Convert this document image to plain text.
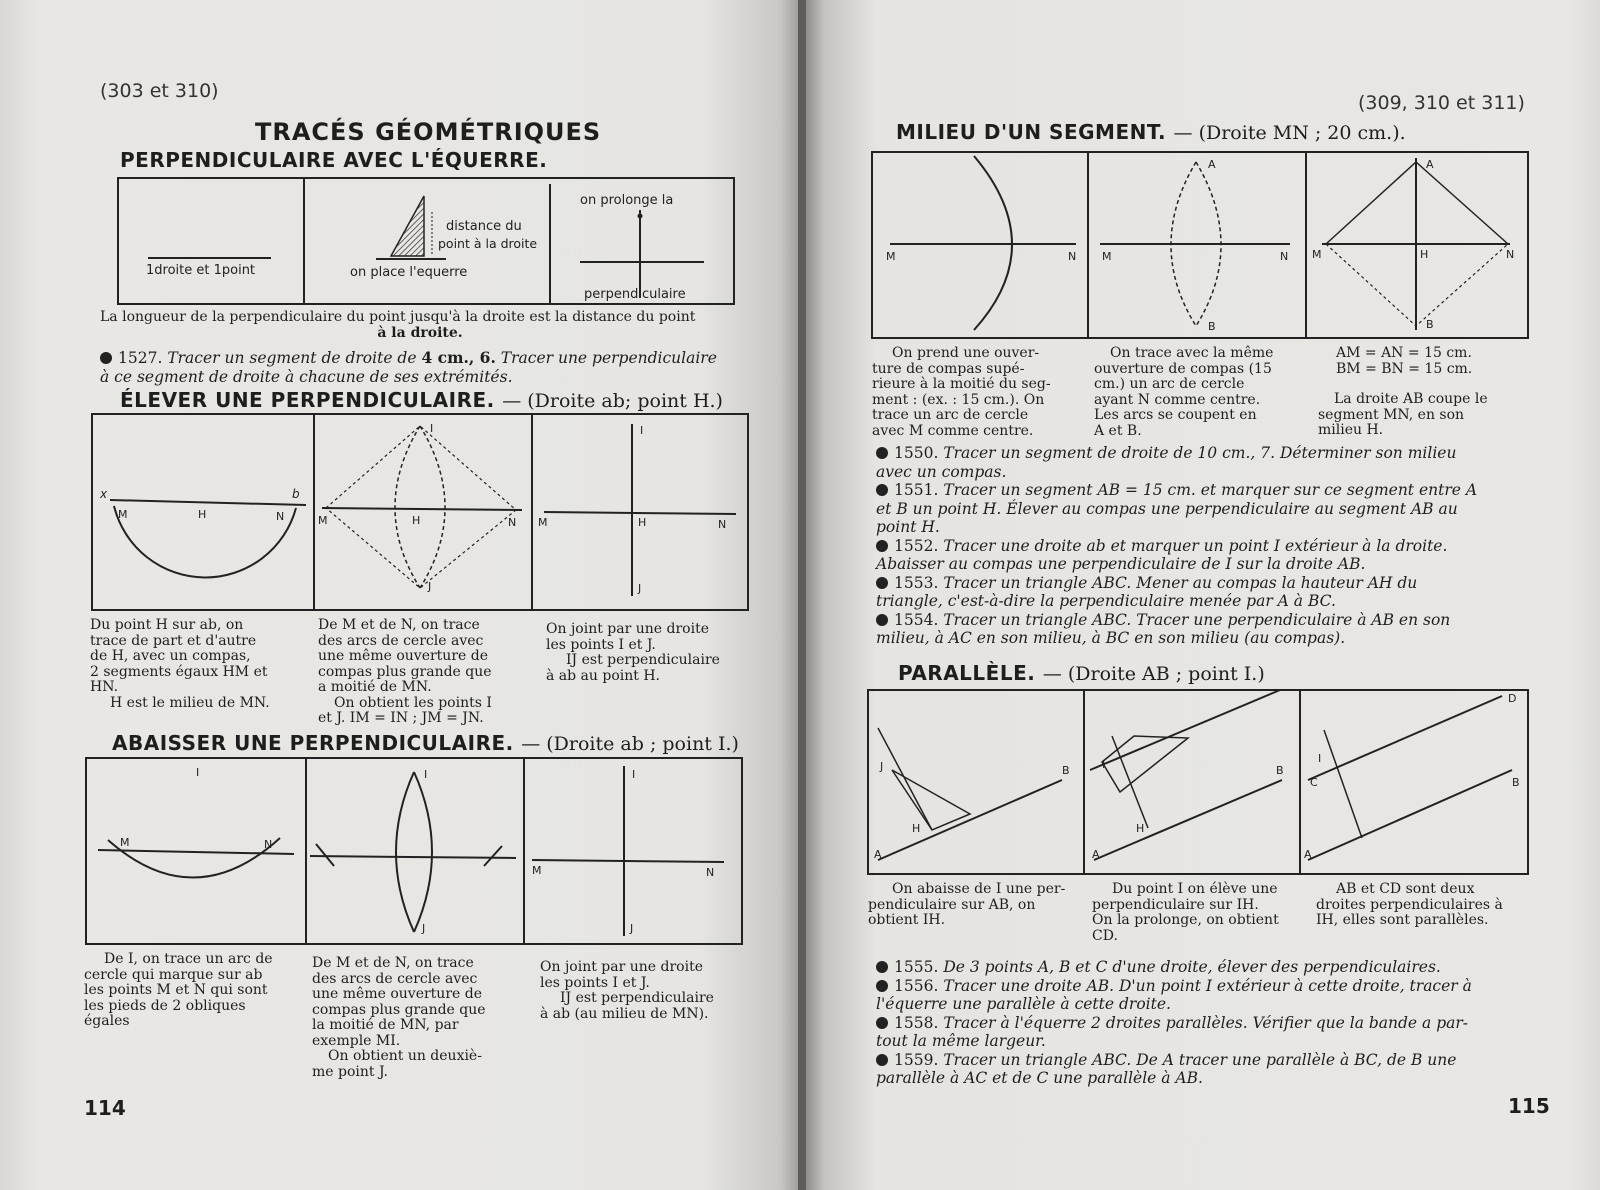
(303 et 310)
TRACÉS GÉOMÉTRIQUES
PERPENDICULAIRE AVEC L'ÉQUERRE.
1droite et 1point
distance du
point à la droite
on place l'equerre
on prolonge la
perpendiculaire
La longueur de la perpendiculaire du point jusqu'à la droite est la distance du point
à la droite.
1527. Tracer un segment de droite de 4 cm., 6. Tracer une perpendiculaire
à ce segment de droite à chacune de ses extrémités.
ÉLEVER UNE PERPENDICULAIRE. — (Droite ab; point H.)
x	b
M	H	N
I
J
M	H	N
I
J
M	H	N
Du point H sur ab, on
trace de part et d'autre
de H, avec un compas,
2 segments égaux HM et
HN.
H est le milieu de MN.
De M et de N, on trace
des arcs de cercle avec
une même ouverture de
compas plus grande que
a moitié de MN.
On obtient les points I
et J. IM = IN ; JM = JN.
On joint par une droite
les points I et J.
IJ est perpendiculaire
à ab au point H.
ABAISSER UNE PERPENDICULAIRE. — (Droite ab ; point I.)
I
M	N
I
J
I
J
M	N
De I, on trace un arc de
cercle qui marque sur ab
les points M et N qui sont
les pieds de 2 obliques
égales
De M et de N, on trace
des arcs de cercle avec
une même ouverture de
compas plus grande que
la moitié de MN, par
exemple MI.
On obtient un deuxiè-
me point J.
On joint par une droite
les points I et J.
IJ est perpendiculaire
à ab (au milieu de MN).
114
(309, 310 et 311)
MILIEU D'UN SEGMENT. — (Droite MN ; 20 cm.).
M	N
A
B
M	N
A
B
H
M	N
On prend une ouver-
ture de compas supé-
rieure à la moitié du seg-
ment : (ex. : 15 cm.). On
trace un arc de cercle
avec M comme centre.
On trace avec la même
ouverture de compas (15
cm.) un arc de cercle
ayant N comme centre.
Les arcs se coupent en
A et B.
AM = AN = 15 cm.
BM = BN = 15 cm.
La droite AB coupe le
segment MN, en son
milieu H.
1550. Tracer un segment de droite de 10 cm., 7. Déterminer son milieu
avec un compas.
1551. Tracer un segment AB = 15 cm. et marquer sur ce segment entre A
et B un point H. Élever au compas une perpendiculaire au segment AB au
point H.
1552. Tracer une droite ab et marquer un point I extérieur à la droite.
Abaisser au compas une perpendiculaire de I sur la droite AB.
1553. Tracer un triangle ABC. Mener au compas la hauteur AH du
triangle, c'est-à-dire la perpendiculaire menée par A à BC.
1554. Tracer un triangle ABC. Tracer une perpendiculaire à AB en son
milieu, à AC en son milieu, à BC en son milieu (au compas).
PARALLÈLE. — (Droite AB ; point I.)
J
H
A
B	I
H
A
B
I
C
A
B
D
On abaisse de I une per-
pendiculaire sur AB, on
obtient IH.
Du point I on élève une
perpendiculaire sur IH.
On la prolonge, on obtient
CD.
AB et CD sont deux
droites perpendiculaires à
IH, elles sont parallèles.
1555. De 3 points A, B et C d'une droite, élever des perpendiculaires.
1556. Tracer une droite AB. D'un point I extérieur à cette droite, tracer à
l'équerre une parallèle à cette droite.
1558. Tracer à l'équerre 2 droites parallèles. Vérifier que la bande a par-
tout la même largeur.
1559. Tracer un triangle ABC. De A tracer une parallèle à BC, de B une
parallèle à AC et de C une parallèle à AB.
115
